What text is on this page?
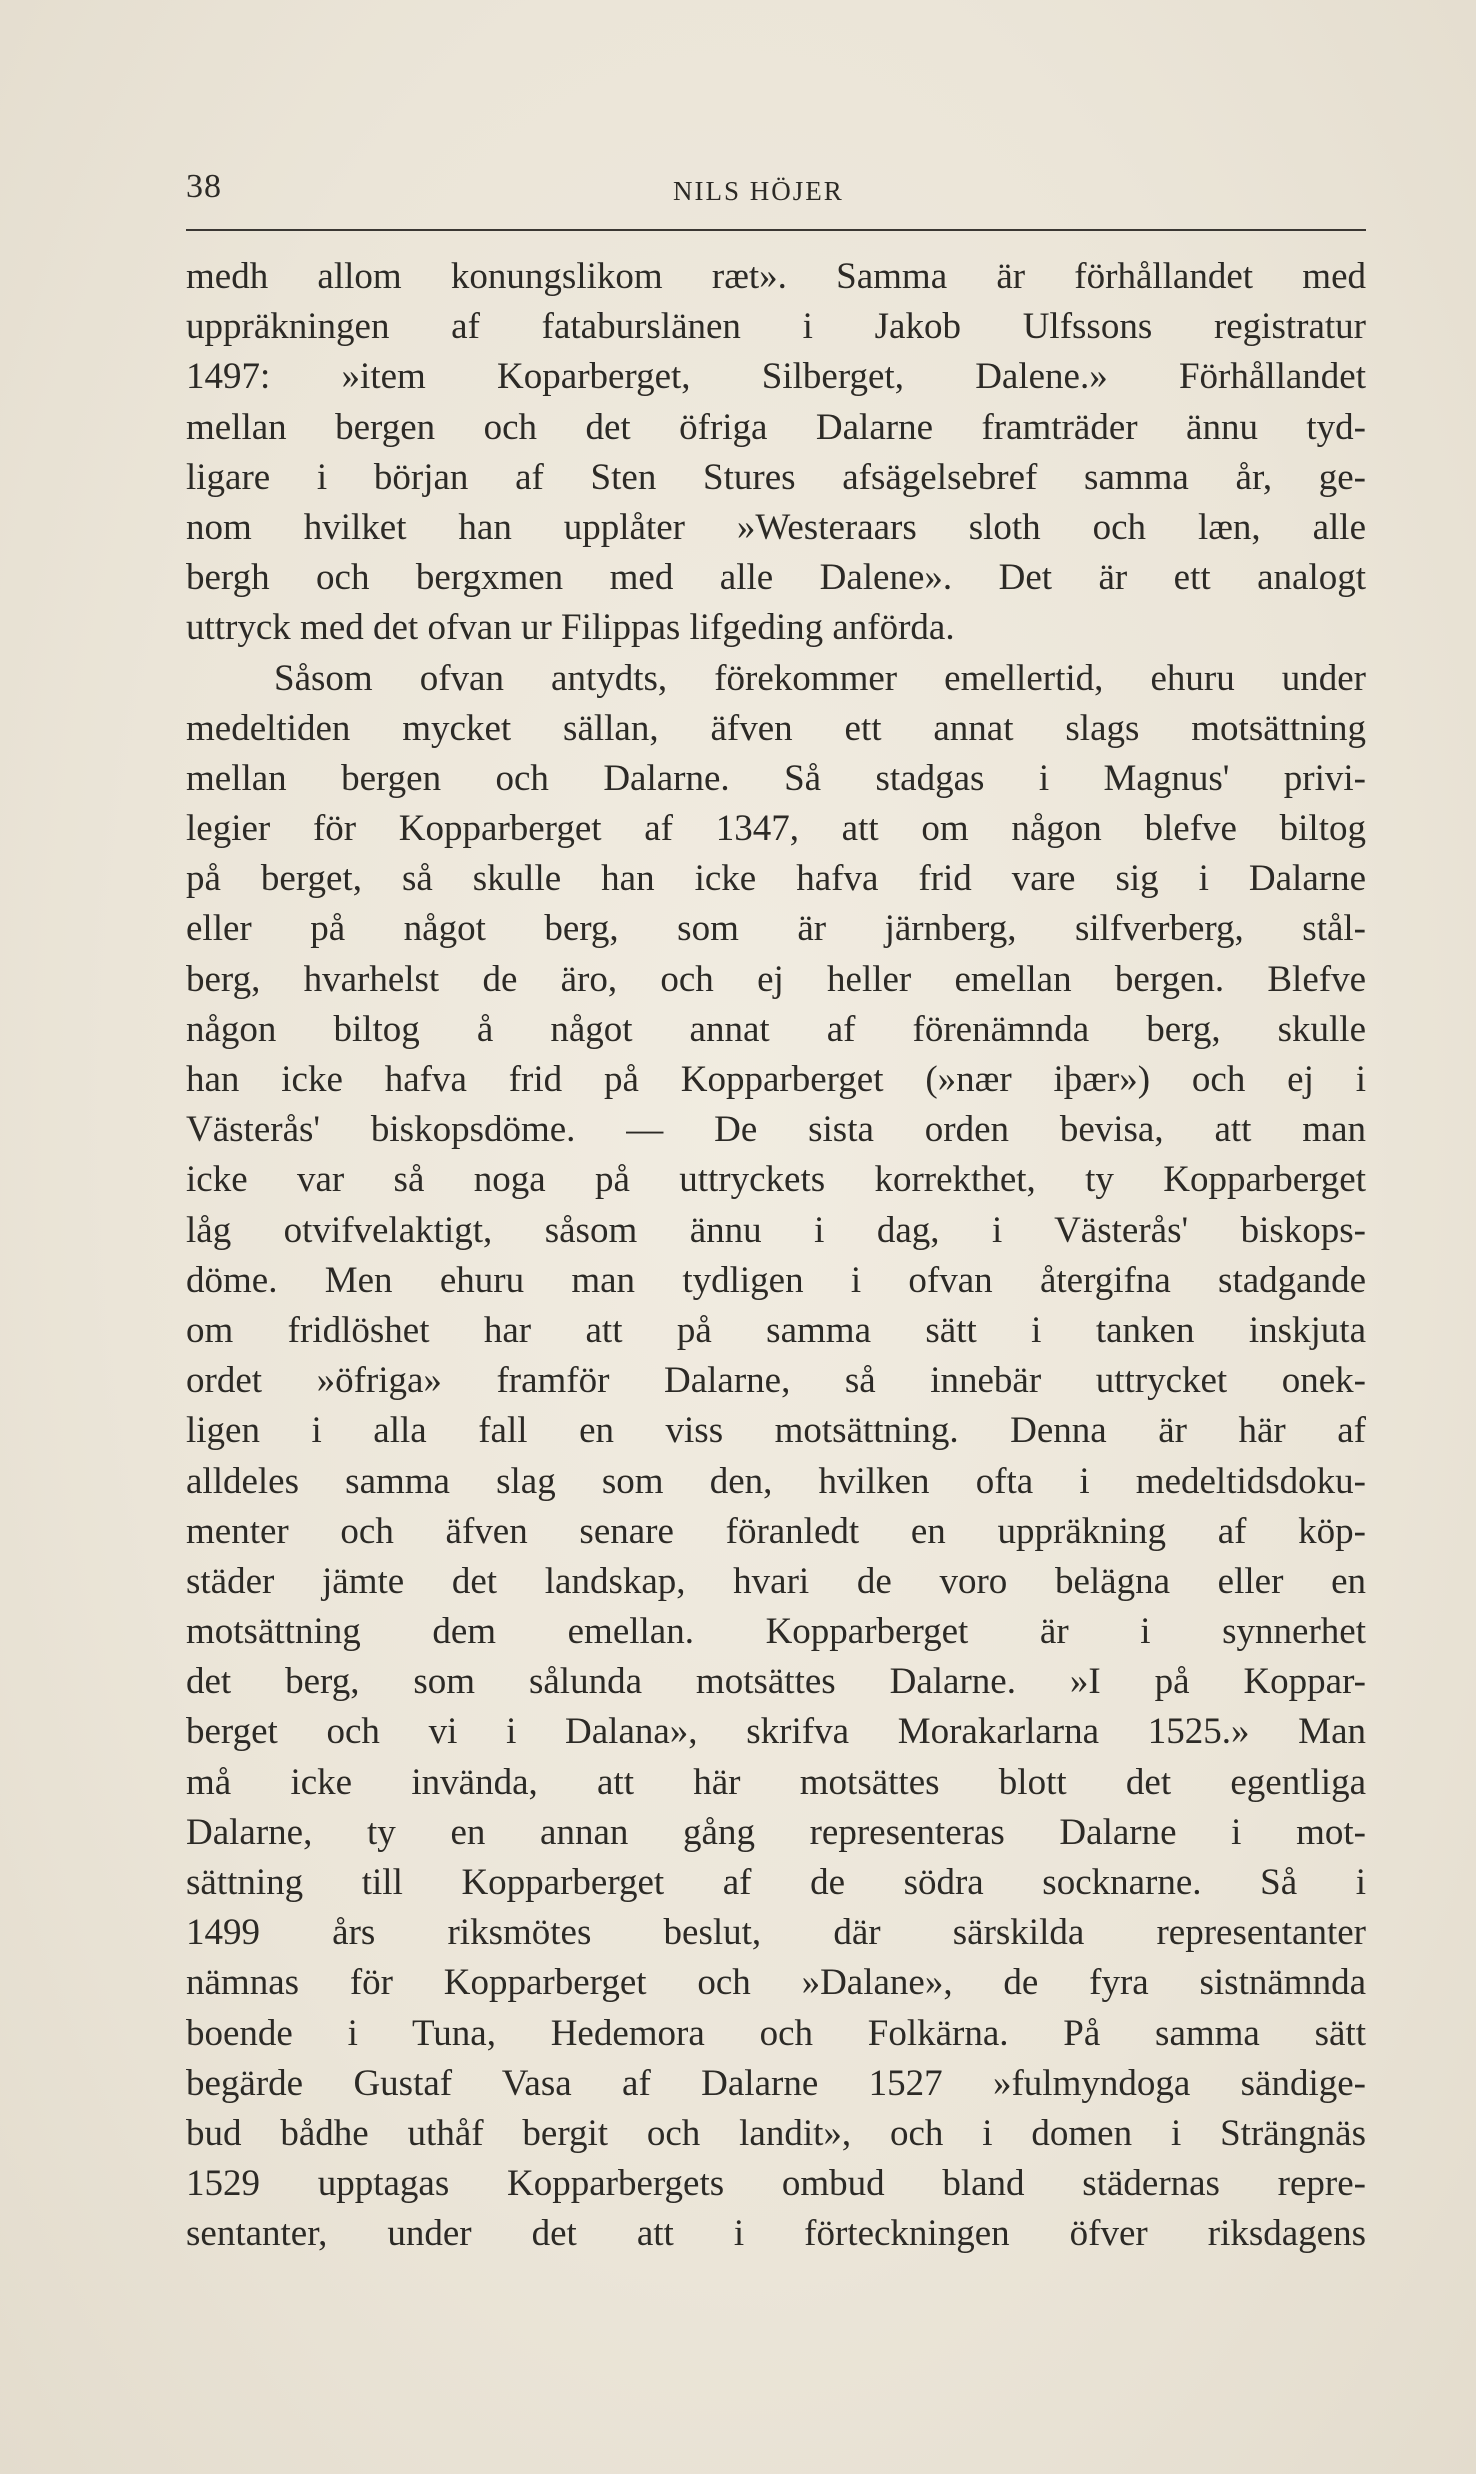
38	NILS HÖJER
medh allom konungslikom ræt». Samma är förhållandet med
uppräkningen af fataburslänen i Jakob Ulfssons registratur
1497: »item Koparberget, Silberget, Dalene.» Förhållandet
mellan bergen och det öfriga Dalarne framträder ännu tyd-
ligare i början af Sten Stures afsägelsebref samma år, ge-
nom hvilket han upplåter »Westeraars sloth och læn, alle
bergh och bergxmen med alle Dalene». Det är ett analogt
uttryck med det ofvan ur Filippas lifgeding anförda.
Såsom ofvan antydts, förekommer emellertid, ehuru under
medeltiden mycket sällan, äfven ett annat slags motsättning
mellan bergen och Dalarne. Så stadgas i Magnus' privi-
legier för Kopparberget af 1347, att om någon blefve biltog
på berget, så skulle han icke hafva frid vare sig i Dalarne
eller på något berg, som är järnberg, silfverberg, stål-
berg, hvarhelst de äro, och ej heller emellan bergen. Blefve
någon biltog å något annat af förenämnda berg, skulle
han icke hafva frid på Kopparberget (»nær iþær») och ej i
Västerås' biskopsdöme. — De sista orden bevisa, att man
icke var så noga på uttryckets korrekthet, ty Kopparberget
låg otvifvelaktigt, såsom ännu i dag, i Västerås' biskops-
döme. Men ehuru man tydligen i ofvan återgifna stadgande
om fridlöshet har att på samma sätt i tanken inskjuta
ordet »öfriga» framför Dalarne, så innebär uttrycket onek-
ligen i alla fall en viss motsättning. Denna är här af
alldeles samma slag som den, hvilken ofta i medeltidsdoku-
menter och äfven senare föranledt en uppräkning af köp-
städer jämte det landskap, hvari de voro belägna eller en
motsättning dem emellan. Kopparberget är i synnerhet
det berg, som sålunda motsättes Dalarne. »I på Koppar-
berget och vi i Dalana», skrifva Morakarlarna 1525.» Man
må icke invända, att här motsättes blott det egentliga
Dalarne, ty en annan gång representeras Dalarne i mot-
sättning till Kopparberget af de södra socknarne. Så i
1499 års riksmötes beslut, där särskilda representanter
nämnas för Kopparberget och »Dalane», de fyra sistnämnda
boende i Tuna, Hedemora och Folkärna. På samma sätt
begärde Gustaf Vasa af Dalarne 1527 »fulmyndoga sändige-
bud bådhe uthåf bergit och landit», och i domen i Strängnäs
1529 upptagas Kopparbergets ombud bland städernas repre-
sentanter, under det att i förteckningen öfver riksdagens
